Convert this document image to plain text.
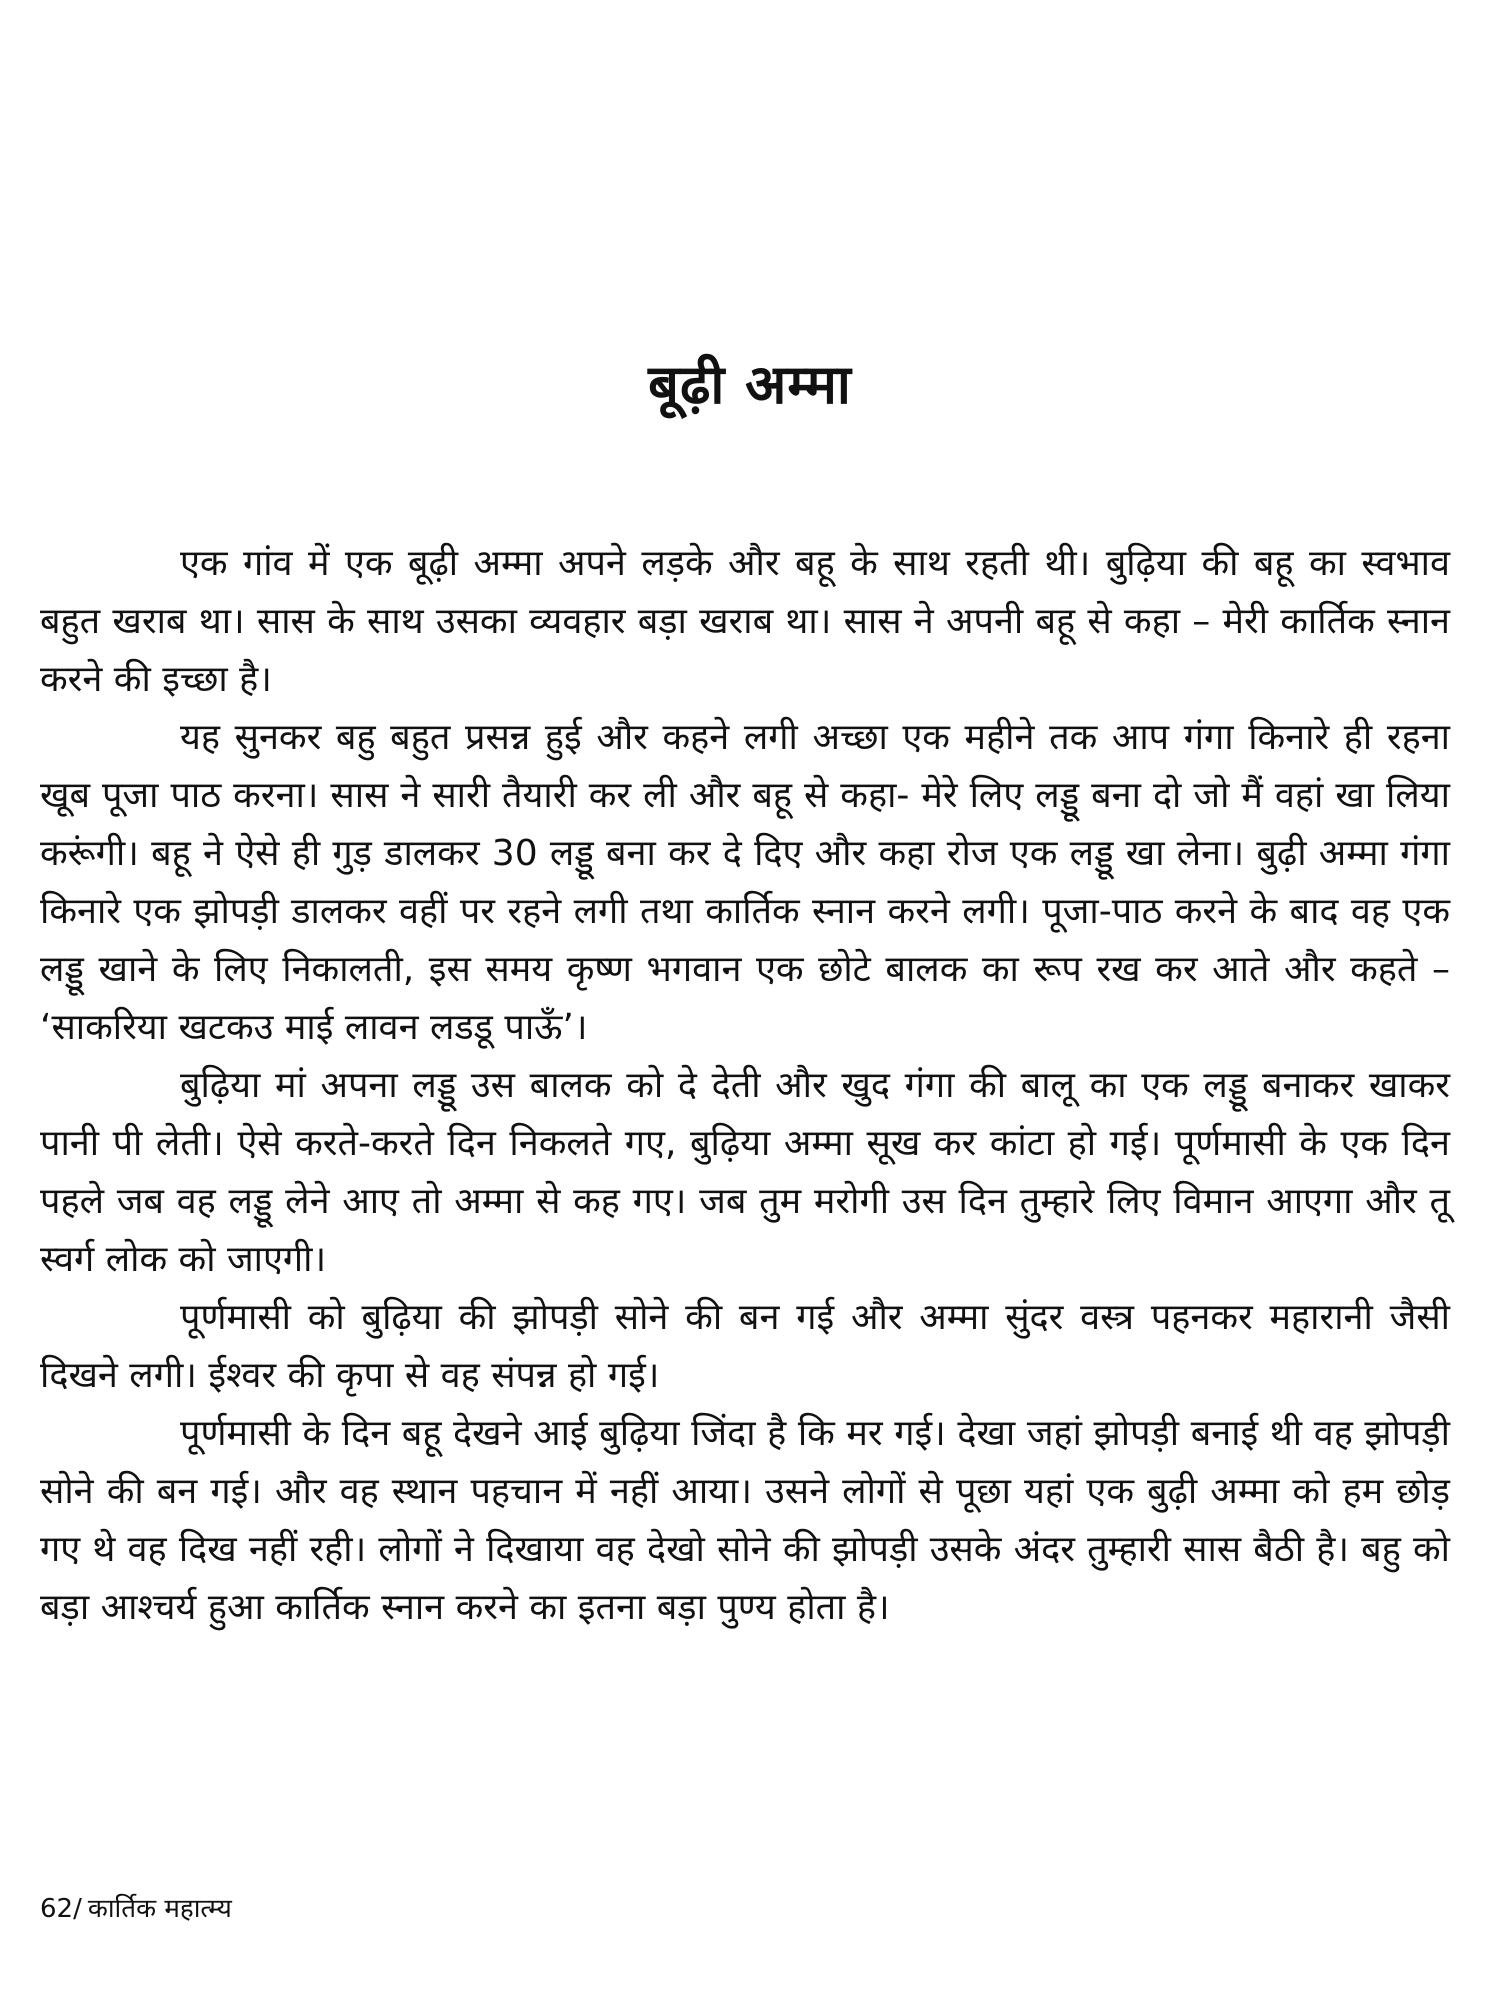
बूढ़ी अम्मा

एक गांव में एक बूढ़ी अम्मा अपने लड़के और बहू के साथ रहती थी। बुढ़िया की बहू का स्वभाव बहुत खराब था। सास के साथ उसका व्यवहार बड़ा खराब था। सास ने अपनी बहू से कहा – मेरी कार्तिक स्नान करने की इच्छा है।

यह सुनकर बहु बहुत प्रसन्न हुई और कहने लगी अच्छा एक महीने तक आप गंगा किनारे ही रहना खूब पूजा पाठ करना। सास ने सारी तैयारी कर ली और बहू से कहा- मेरे लिए लड्डू बना दो जो मैं वहां खा लिया करूंगी। बहू ने ऐसे ही गुड़ डालकर 30 लड्डू बना कर दे दिए और कहा रोज एक लड्डू खा लेना। बुढ़ी अम्मा गंगा किनारे एक झोपड़ी डालकर वहीं पर रहने लगी तथा कार्तिक स्नान करने लगी। पूजा-पाठ करने के बाद वह एक लड्डू खाने के लिए निकालती, इस समय कृष्ण भगवान एक छोटे बालक का रूप रख कर आते और कहते – ‘साकरिया खटकउ माई लावन लडडू पाऊँ’।

बुढ़िया मां अपना लड्डू उस बालक को दे देती और खुद गंगा की बालू का एक लड्डू बनाकर खाकर पानी पी लेती। ऐसे करते-करते दिन निकलते गए, बुढ़िया अम्मा सूख कर कांटा हो गई। पूर्णमासी के एक दिन पहले जब वह लड्डू लेने आए तो अम्मा से कह गए। जब तुम मरोगी उस दिन तुम्हारे लिए विमान आएगा और तू स्वर्ग लोक को जाएगी।

पूर्णमासी को बुढ़िया की झोपड़ी सोने की बन गई और अम्मा सुंदर वस्त्र पहनकर महारानी जैसी दिखने लगी। ईश्वर की कृपा से वह संपन्न हो गई।

पूर्णमासी के दिन बहू देखने आई बुढ़िया जिंदा है कि मर गई। देखा जहां झोपड़ी बनाई थी वह झोपड़ी सोने की बन गई। और वह स्थान पहचान में नहीं आया। उसने लोगों से पूछा यहां एक बुढ़ी अम्मा को हम छोड़ गए थे वह दिख नहीं रही। लोगों ने दिखाया वह देखो सोने की झोपड़ी उसके अंदर तुम्हारी सास बैठी है। बहु को बड़ा आश्चर्य हुआ कार्तिक स्नान करने का इतना बड़ा पुण्य होता है।

62/ कार्तिक महात्म्य
